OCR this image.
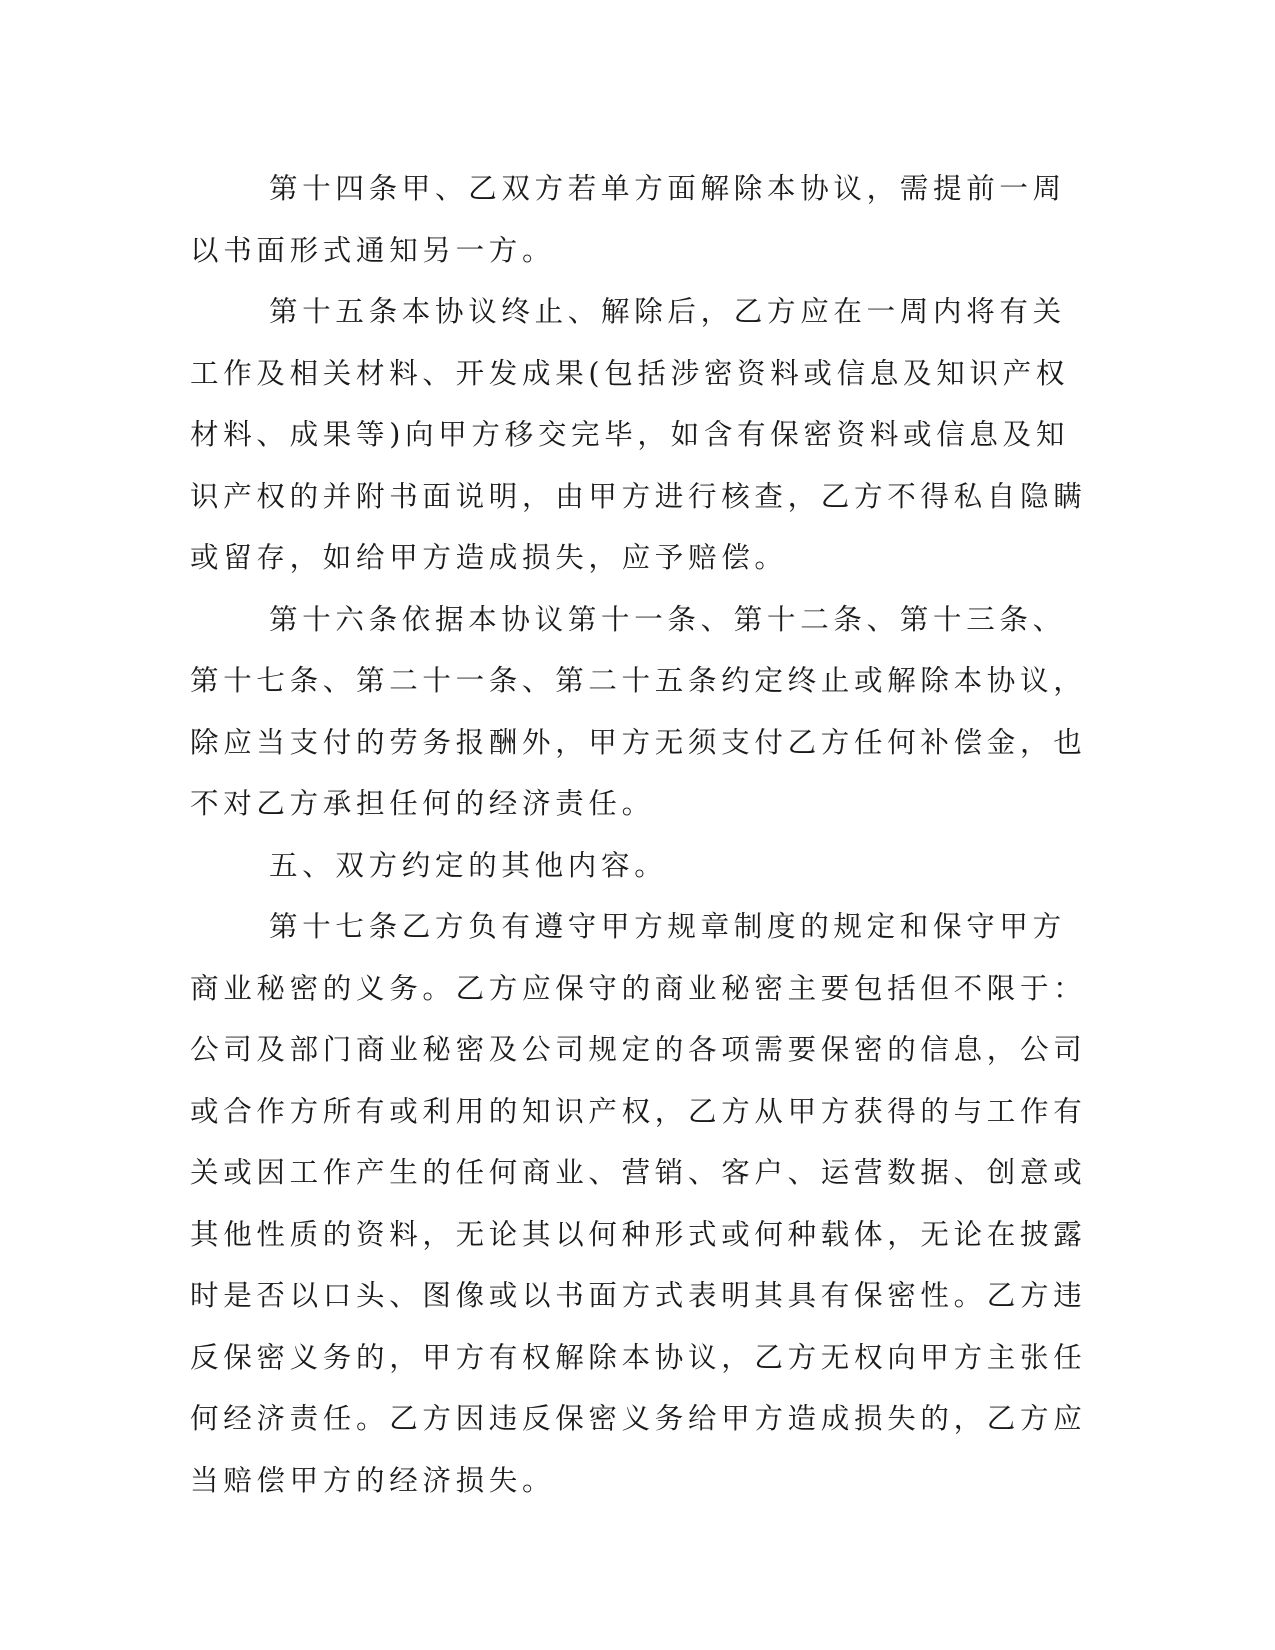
第十四条甲、乙双方若单方面解除本协议，需提前一周以书面形式通知另一方。

第十五条本协议终止、解除后，乙方应在一周内将有关工作及相关材料、开发成果(包括涉密资料或信息及知识产权材料、成果等)向甲方移交完毕，如含有保密资料或信息及知识产权的并附书面说明，由甲方进行核查，乙方不得私自隐瞒或留存，如给甲方造成损失，应予赔偿。

第十六条依据本协议第十一条、第十二条、第十三条、第十七条、第二十一条、第二十五条约定终止或解除本协议，除应当支付的劳务报酬外，甲方无须支付乙方任何补偿金，也不对乙方承担任何的经济责任。

五、双方约定的其他内容。

第十七条乙方负有遵守甲方规章制度的规定和保守甲方商业秘密的义务。乙方应保守的商业秘密主要包括但不限于：公司及部门商业秘密及公司规定的各项需要保密的信息，公司或合作方所有或利用的知识产权，乙方从甲方获得的与工作有关或因工作产生的任何商业、营销、客户、运营数据、创意或其他性质的资料，无论其以何种形式或何种载体，无论在披露时是否以口头、图像或以书面方式表明其具有保密性。乙方违反保密义务的，甲方有权解除本协议，乙方无权向甲方主张任何经济责任。乙方因违反保密义务给甲方造成损失的，乙方应当赔偿甲方的经济损失。
